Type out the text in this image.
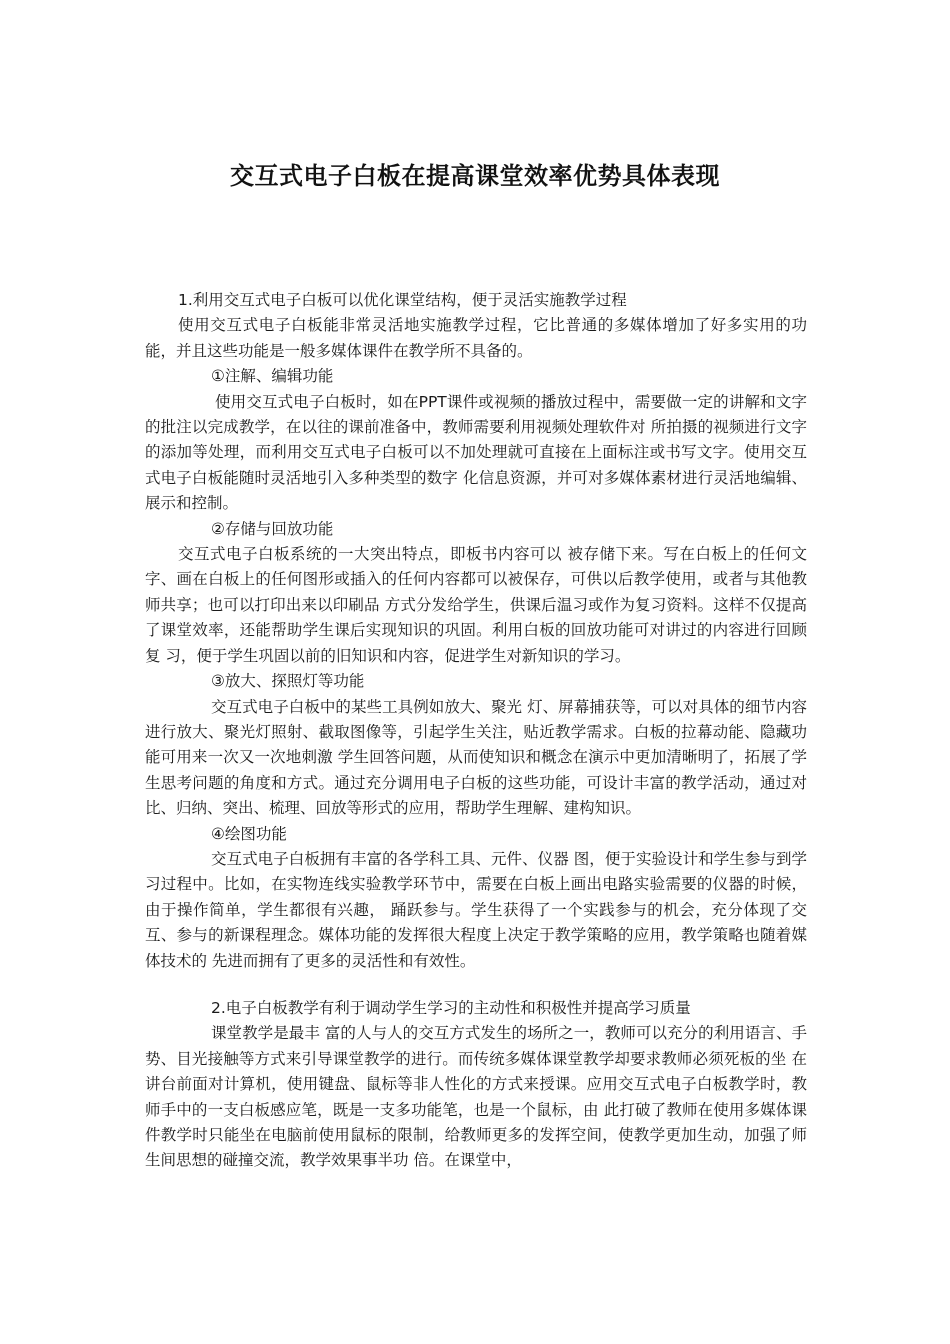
交互式电子白板在提高课堂效率优势具体表现

1.利用交互式电子白板可以优化课堂结构，便于灵活实施教学过程

使用交互式电子白板能非常灵活地实施教学过程，它比普通的多媒体增加了好多实用的功能，并且这些功能是一般多媒体课件在教学所不具备的。

①注解、编辑功能

使用交互式电子白板时，如在PPT课件或视频的播放过程中，需要做一定的讲解和文字的批注以完成教学，在以往的课前准备中，教师需要利用视频处理软件对 所拍摄的视频进行文字的添加等处理，而利用交互式电子白板可以不加处理就可直接在上面标注或书写文字。使用交互式电子白板能随时灵活地引入多种类型的数字 化信息资源，并可对多媒体素材进行灵活地编辑、展示和控制。

②存储与回放功能

交互式电子白板系统的一大突出特点，即板书内容可以 被存储下来。写在白板上的任何文字、画在白板上的任何图形或插入的任何内容都可以被保存，可供以后教学使用，或者与其他教师共享；也可以打印出来以印刷品 方式分发给学生，供课后温习或作为复习资料。这样不仅提高了课堂效率，还能帮助学生课后实现知识的巩固。利用白板的回放功能可对讲过的内容进行回顾复 习，便于学生巩固以前的旧知识和内容，促进学生对新知识的学习。

③放大、探照灯等功能

交互式电子白板中的某些工具例如放大、聚光 灯、屏幕捕获等，可以对具体的细节内容进行放大、聚光灯照射、截取图像等，引起学生关注，贴近教学需求。白板的拉幕动能、隐藏功能可用来一次又一次地刺激 学生回答问题，从而使知识和概念在演示中更加清晰明了，拓展了学生思考问题的角度和方式。通过充分调用电子白板的这些功能，可设计丰富的教学活动，通过对 比、归纳、突出、梳理、回放等形式的应用，帮助学生理解、建构知识。

④绘图功能

交互式电子白板拥有丰富的各学科工具、元件、仪器 图，便于实验设计和学生参与到学习过程中。比如，在实物连线实验教学环节中，需要在白板上画出电路实验需要的仪器的时候，由于操作简单，学生都很有兴趣， 踊跃参与。学生获得了一个实践参与的机会，充分体现了交互、参与的新课程理念。媒体功能的发挥很大程度上决定于教学策略的应用，教学策略也随着媒体技术的 先进而拥有了更多的灵活性和有效性。

2.电子白板教学有利于调动学生学习的主动性和积极性并提高学习质量

课堂教学是最丰 富的人与人的交互方式发生的场所之一，教师可以充分的利用语言、手势、目光接触等方式来引导课堂教学的进行。而传统多媒体课堂教学却要求教师必须死板的坐 在讲台前面对计算机，使用键盘、鼠标等非人性化的方式来授课。应用交互式电子白板教学时，教师手中的一支白板感应笔，既是一支多功能笔，也是一个鼠标，由 此打破了教师在使用多媒体课件教学时只能坐在电脑前使用鼠标的限制，给教师更多的发挥空间，使教学更加生动，加强了师生间思想的碰撞交流，教学效果事半功 倍。在课堂中，
